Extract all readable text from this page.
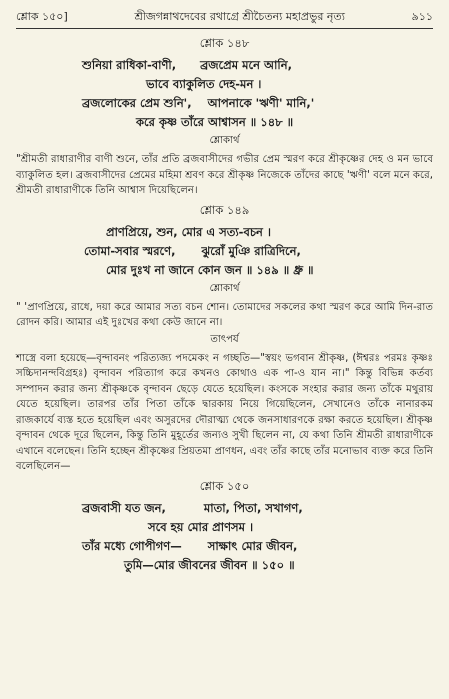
শ্লোক ১৫০]	শ্রীজগন্নাথদেবের রথাগ্রে শ্রীচৈতন্য মহাপ্রভুর নৃত্য	৯১১
শ্লোক ১৪৮
শুনিয়া রাধিকা-বাণী, ব্রজপ্রেম মনে আনি,
ভাবে ব্যাকুলিত দেহ-মন ।
ব্রজলোকের প্রেম শুনি', আপনাকে 'ঋণী' মানি,'
করে কৃষ্ণ তাঁরে আশ্বাসন ॥ ১৪৮ ॥
শ্লোকার্থ

"শ্রীমতী রাধারাণীর বাণী শুনে, তাঁর প্রতি ব্রজবাসীদের গভীর প্রেম স্মরণ করে শ্রীকৃষ্ণের দেহ ও মন ভাবে ব্যাকুলিত হল। ব্রজবাসীদের প্রেমের মহিমা শ্রবণ করে শ্রীকৃষ্ণ নিজেকে তাঁদের কাছে 'ঋণী' বলে মনে করে, শ্রীমতী রাধারাণীকে তিনি আশ্বাস দিয়েছিলেন।

শ্লোক ১৪৯
প্রাণপ্রিয়ে, শুন, মোর এ সত্য-বচন ।
তোমা-সবার স্মরণে, ঝুরোঁ মুঞি রাত্রিদিনে,
মোর দুঃখ না জানে কোন জন ॥ ১৪৯ ॥ ধ্রু ॥
শ্লোকার্থ

" 'প্রাণপ্রিয়ে, রাধে, দয়া করে আমার সত্য বচন শোন। তোমাদের সকলের কথা স্মরণ করে আমি দিন-রাত রোদন করি। আমার এই দুঃখের কথা কেউ জানে না।

তাৎপর্য

শাস্ত্রে বলা হয়েছে—বৃন্দাবনং পরিত্যজ্য পদমেকং ন গচ্ছতি—"স্বয়ং ভগবান শ্রীকৃষ্ণ, (ঈশ্বরঃ পরমঃ কৃষ্ণঃ সচ্চিদানন্দবিগ্রহঃ) বৃন্দাবন পরিত্যাগ করে কখনও কোথাও এক পা-ও যান না।" কিন্তু বিভিন্ন কর্তব্য সম্পাদন করার জন্য শ্রীকৃষ্ণকে বৃন্দাবন ছেড়ে যেতে হয়েছিল। কংসকে সংহার করার জন্য তাঁকে মথুরায় যেতে হয়েছিল। তারপর তাঁর পিতা তাঁকে দ্বারকায় নিয়ে গিয়েছিলেন, সেখানেও তাঁকে নানারকম রাজকার্যে ব্যস্ত হতে হয়েছিল এবং অসুরদের দৌরাত্ম্য থেকে জনসাধারণকে রক্ষা করতে হয়েছিল। শ্রীকৃষ্ণ বৃন্দাবন থেকে দূরে ছিলেন, কিন্তু তিনি মুহূর্তের জন্যও সুখী ছিলেন না, যে কথা তিনি শ্রীমতী রাধারাণীকে এখানে বলেছেন। তিনি হচ্ছেন শ্রীকৃষ্ণের প্রিয়তমা প্রাণধন, এবং তাঁর কাছে তাঁর মনোভাব ব্যক্ত করে তিনি বলেছিলেন—

শ্লোক ১৫০
ব্রজবাসী যত জন,	মাতা, পিতা, সখাগণ,
সবে হয় মোর প্রাণসম ।
তাঁর মধ্যে গোপীগণ— সাক্ষাৎ মোর জীবন,
তুমি—মোর জীবনের জীবন ॥ ১৫০ ॥
